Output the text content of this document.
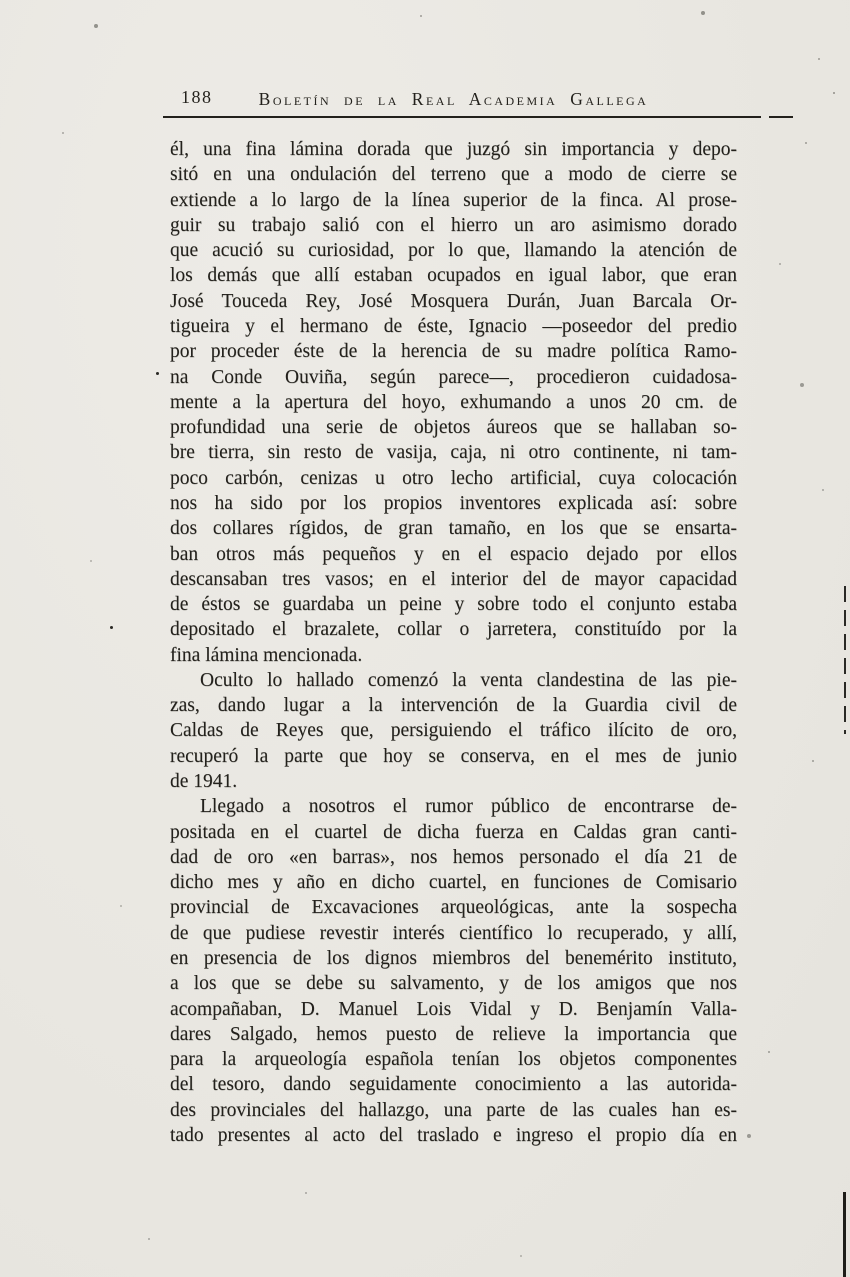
188	Boletín de la Real Academia Gallega
él, una fina lámina dorada que juzgó sin importancia y depo-
sitó en una ondulación del terreno que a modo de cierre se
extiende a lo largo de la línea superior de la finca. Al prose-
guir su trabajo salió con el hierro un aro asimismo dorado
que acució su curiosidad, por lo que, llamando la atención de
los demás que allí estaban ocupados en igual labor, que eran
José Touceda Rey, José Mosquera Durán, Juan Barcala Or-
tigueira y el hermano de éste, Ignacio —poseedor del predio
por proceder éste de la herencia de su madre política Ramo-
na Conde Ouviña, según parece—, procedieron cuidadosa-
mente a la apertura del hoyo, exhumando a unos 20 cm. de
profundidad una serie de objetos áureos que se hallaban so-
bre tierra, sin resto de vasija, caja, ni otro continente, ni tam-
poco carbón, cenizas u otro lecho artificial, cuya colocación
nos ha sido por los propios inventores explicada así: sobre
dos collares rígidos, de gran tamaño, en los que se ensarta-
ban otros más pequeños y en el espacio dejado por ellos
descansaban tres vasos; en el interior del de mayor capacidad
de éstos se guardaba un peine y sobre todo el conjunto estaba
depositado el brazalete, collar o jarretera, constituído por la
fina lámina mencionada.
Oculto lo hallado comenzó la venta clandestina de las pie-
zas, dando lugar a la intervención de la Guardia civil de
Caldas de Reyes que, persiguiendo el tráfico ilícito de oro,
recuperó la parte que hoy se conserva, en el mes de junio
de 1941.
Llegado a nosotros el rumor público de encontrarse de-
positada en el cuartel de dicha fuerza en Caldas gran canti-
dad de oro «en barras», nos hemos personado el día 21 de
dicho mes y año en dicho cuartel, en funciones de Comisario
provincial de Excavaciones arqueológicas, ante la sospecha
de que pudiese revestir interés científico lo recuperado, y allí,
en presencia de los dignos miembros del benemérito instituto,
a los que se debe su salvamento, y de los amigos que nos
acompañaban, D. Manuel Lois Vidal y D. Benjamín Valla-
dares Salgado, hemos puesto de relieve la importancia que
para la arqueología española tenían los objetos componentes
del tesoro, dando seguidamente conocimiento a las autorida-
des provinciales del hallazgo, una parte de las cuales han es-
tado presentes al acto del traslado e ingreso el propio día en
